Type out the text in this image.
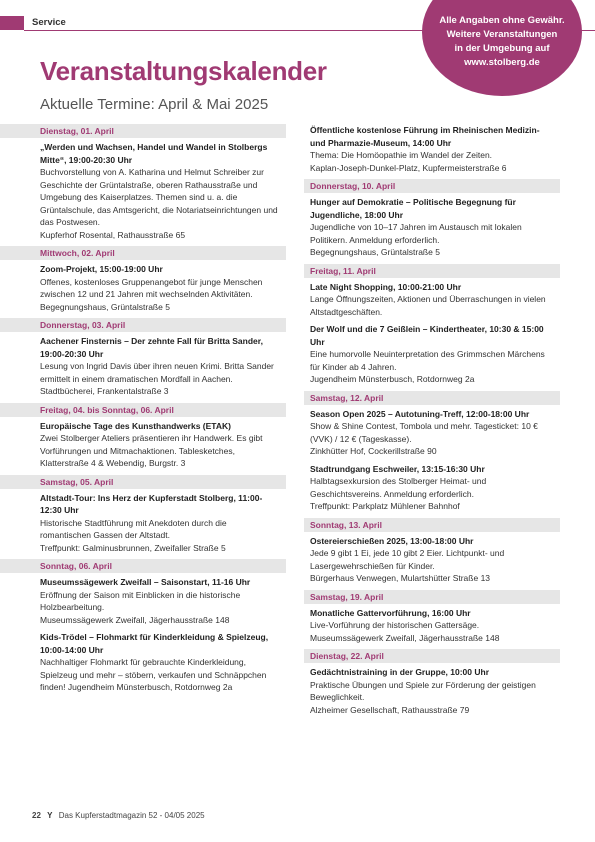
Service	Alle Angaben ohne Gewähr.
Weitere Veranstaltungen
in der Umgebung auf
www.stolberg.de
Veranstaltungskalender
Aktuelle Termine: April & Mai 2025
Dienstag, 01. April
„Werden und Wachsen, Handel und Wandel in Stolbergs Mitte“, 19:00-20:30 Uhr
Buchvorstellung von A. Katharina und Helmut Schreiber zur Geschichte der Grüntalstraße, oberen Rathausstraße und Umgebung des Kaiserplatzes. Themen sind u. a. die Grüntalschule, das Amtsgericht, die Notariatseinrichtungen und das Postwesen.
Kupferhof Rosental, Rathausstraße 65
Mittwoch, 02. April
Zoom-Projekt, 15:00-19:00 Uhr
Offenes, kostenloses Gruppenangebot für junge Menschen zwischen 12 und 21 Jahren mit wechselnden Aktivitäten. Begegnungshaus, Grüntalstraße 5
Donnerstag, 03. April
Aachener Finsternis – Der zehnte Fall für Britta Sander, 19:00-20:30 Uhr
Lesung von Ingrid Davis über ihren neuen Krimi. Britta Sander ermittelt in einem dramatischen Mordfall in Aachen. Stadtbücherei, Frankentalstraße 3
Freitag, 04. bis Sonntag, 06. April
Europäische Tage des Kunsthandwerks (ETAK)
Zwei Stolberger Ateliers präsentieren ihr Handwerk. Es gibt Vorführungen und Mitmachaktionen. Tablesketches, Klatterstraße 4 & Webendig, Burgstr. 3
Samstag, 05. April
Altstadt-Tour: Ins Herz der Kupferstadt Stolberg, 11:00-12:30 Uhr
Historische Stadtführung mit Anekdoten durch die romantischen Gassen der Altstadt.
Treffpunkt: Galminusbrunnen, Zweifaller Straße 5
Sonntag, 06. April
Museumssägewerk Zweifall – Saisonstart, 11-16 Uhr
Eröffnung der Saison mit Einblicken in die historische Holzbearbeitung.
Museumssägewerk Zweifall, Jägerhausstraße 148
Kids-Trödel – Flohmarkt für Kinderkleidung & Spielzeug, 10:00-14:00 Uhr
Nachhaltiger Flohmarkt für gebrauchte Kinderkleidung, Spielzeug und mehr – stöbern, verkaufen und Schnäppchen finden! Jugendheim Münsterbusch, Rotdornweg 2a
Öffentliche kostenlose Führung im Rheinischen Medizin- und Pharmazie-Museum, 14:00 Uhr
Thema: Die Homöopathie im Wandel der Zeiten.
Kaplan-Joseph-Dunkel-Platz, Kupfermeisterstraße 6
Donnerstag, 10. April
Hunger auf Demokratie – Politische Begegnung für Jugendliche, 18:00 Uhr
Jugendliche von 10–17 Jahren im Austausch mit lokalen Politikern. Anmeldung erforderlich.
Begegnungshaus, Grüntalstraße 5
Freitag, 11. April
Late Night Shopping, 10:00-21:00 Uhr
Lange Öffnungszeiten, Aktionen und Überraschungen in vielen Altstadtgeschäften.
Der Wolf und die 7 Geißlein – Kindertheater, 10:30 & 15:00 Uhr
Eine humorvolle Neuinterpretation des Grimmschen Märchens für Kinder ab 4 Jahren.
Jugendheim Münsterbusch, Rotdornweg 2a
Samstag, 12. April
Season Open 2025 – Autotuning-Treff, 12:00-18:00 Uhr
Show & Shine Contest, Tombola und mehr. Tagesticket: 10 € (VVK) / 12 € (Tageskasse).
Zinkhütter Hof, Cockerillstraße 90
Stadtrundgang Eschweiler, 13:15-16:30 Uhr
Halbtagsexkursion des Stolberger Heimat- und Geschichtsvereins. Anmeldung erforderlich.
Treffpunkt: Parkplatz Mühlener Bahnhof
Sonntag, 13. April
Ostereierschießen 2025, 13:00-18:00 Uhr
Jede 9 gibt 1 Ei, jede 10 gibt 2 Eier. Lichtpunkt- und Lasergewehrschießen für Kinder.
Bürgerhaus Venwegen, Mulartshütter Straße 13
Samstag, 19. April
Monatliche Gattervorführung, 16:00 Uhr
Live-Vorführung der historischen Gattersäge.
Museumssägewerk Zweifall, Jägerhausstraße 148
Dienstag, 22. April
Gedächtnistraining in der Gruppe, 10:00 Uhr
Praktische Übungen und Spiele zur Förderung der geistigen Beweglichkeit.
Alzheimer Gesellschaft, Rathausstraße 79
22 Y Das Kupferstadtmagazin 52 - 04/05 2025
